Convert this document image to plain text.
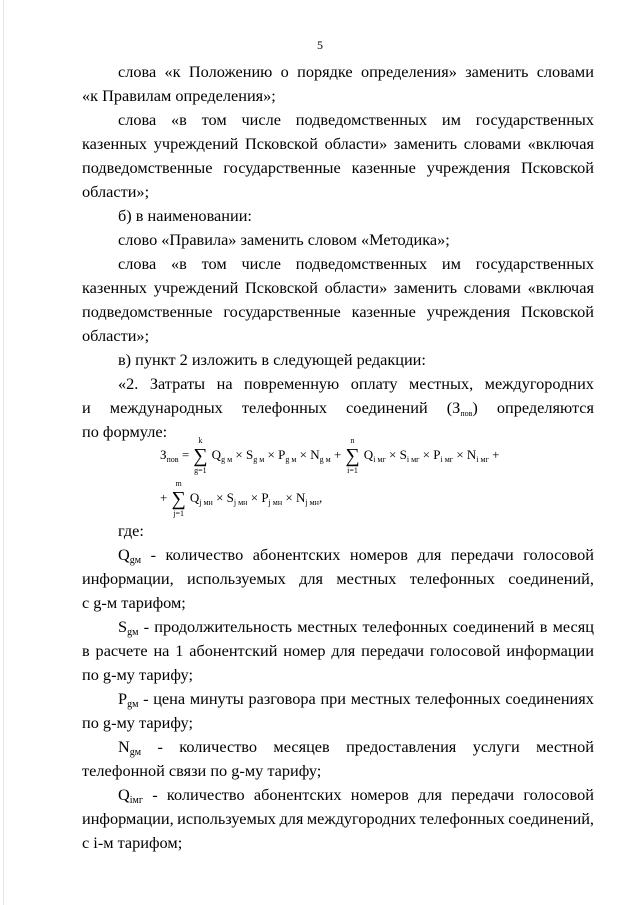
5
слова «к Положению о порядке определения» заменить словами
«к Правилам определения»;
слова «в том числе подведомственных им государственных
казенных учреждений Псковской области» заменить словами «включая
подведомственные государственные казенные учреждения Псковской
области»;
б) в наименовании:
слово «Правила» заменить словом «Методика»;
слова «в том числе подведомственных им государственных
казенных учреждений Псковской области» заменить словами «включая
подведомственные государственные казенные учреждения Псковской
области»;
в) пункт 2 изложить в следующей редакции:
«2. Затраты на повременную оплату местных, междугородних
и международных телефонных соединений $(З_{пов})$ определяются
по формуле:
$З_{пов}$ = ∑
k
g=1
$Q_{g м} \times S_{g м} \times P_{g м} \times N_{g м}$ + ∑
n
i=1
$Q_{i мг} \times S_{i мг} \times P_{i мг} \times N_{i мг}$ +
+ ∑
m
j=1
$Q_{j мн} \times S_{j мн} \times P_{j мн} \times N_{j мн}$,
где:
$Q_{gм}$ - количество абонентских номеров для передачи голосовой
информации, используемых для местных телефонных соединений,
с g-м тарифом;
$S_{gм}$ - продолжительность местных телефонных соединений в месяц
в расчете на 1 абонентский номер для передачи голосовой информации
по g-му тарифу;
$P_{gм}$ - цена минуты разговора при местных телефонных соединениях
по g-му тарифу;
$N_{gм}$ - количество месяцев предоставления услуги местной
телефонной связи по g-му тарифу;
$Q_{iмг}$ - количество абонентских номеров для передачи голосовой
информации, используемых для междугородних телефонных соединений,
с i-м тарифом;
